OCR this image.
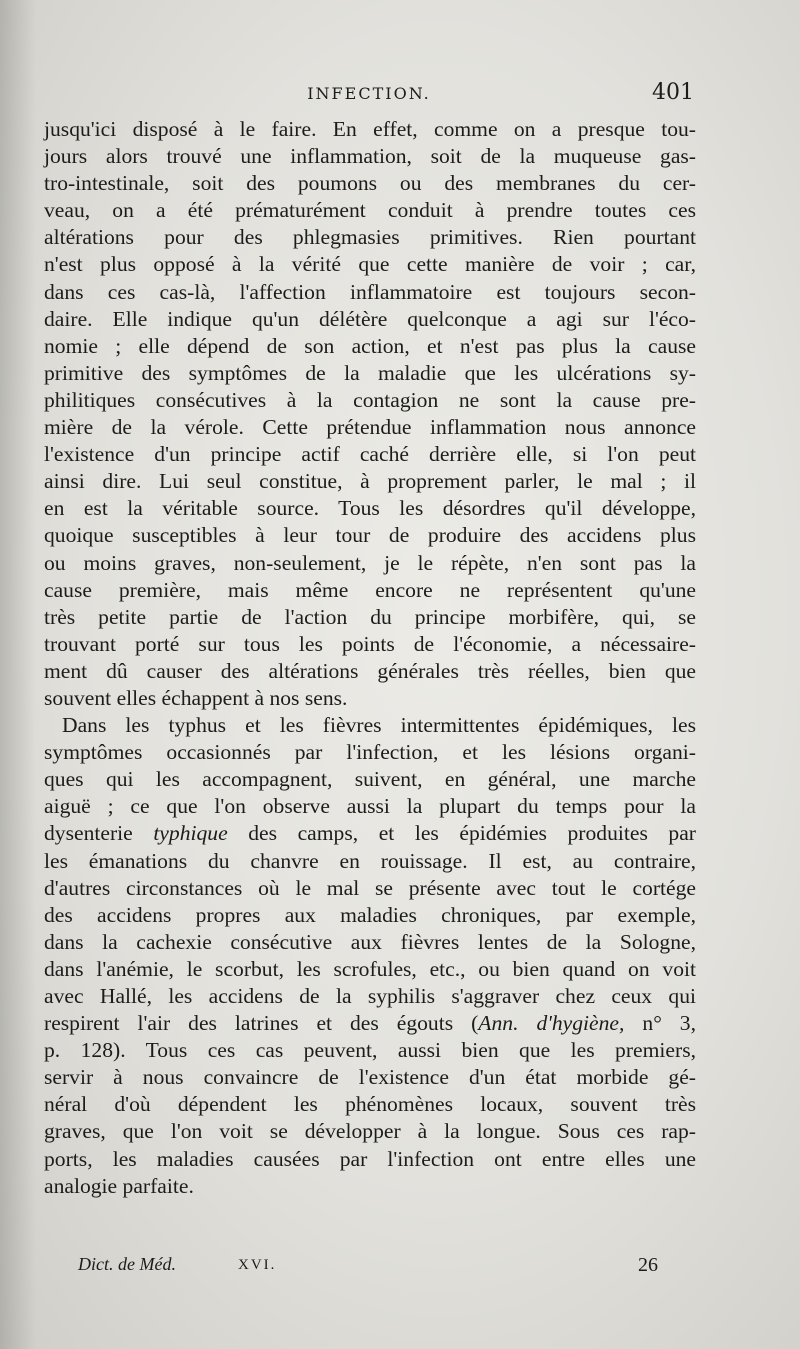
INFECTION.	401
jusqu'ici disposé à le faire. En effet, comme on a presque tou-
jours alors trouvé une inflammation, soit de la muqueuse gas-
tro-intestinale, soit des poumons ou des membranes du cer-
veau, on a été prématurément conduit à prendre toutes ces
altérations pour des phlegmasies primitives. Rien pourtant
n'est plus opposé à la vérité que cette manière de voir ; car,
dans ces cas-là, l'affection inflammatoire est toujours secon-
daire. Elle indique qu'un délétère quelconque a agi sur l'éco-
nomie ; elle dépend de son action, et n'est pas plus la cause
primitive des symptômes de la maladie que les ulcérations sy-
philitiques consécutives à la contagion ne sont la cause pre-
mière de la vérole. Cette prétendue inflammation nous annonce
l'existence d'un principe actif caché derrière elle, si l'on peut
ainsi dire. Lui seul constitue, à proprement parler, le mal ; il
en est la véritable source. Tous les désordres qu'il développe,
quoique susceptibles à leur tour de produire des accidens plus
ou moins graves, non-seulement, je le répète, n'en sont pas la
cause première, mais même encore ne représentent qu'une
très petite partie de l'action du principe morbifère, qui, se
trouvant porté sur tous les points de l'économie, a nécessaire-
ment dû causer des altérations générales très réelles, bien que
souvent elles échappent à nos sens.
Dans les typhus et les fièvres intermittentes épidémiques, les
symptômes occasionnés par l'infection, et les lésions organi-
ques qui les accompagnent, suivent, en général, une marche
aiguë ; ce que l'on observe aussi la plupart du temps pour la
dysenterie typhique des camps, et les épidémies produites par
les émanations du chanvre en rouissage. Il est, au contraire,
d'autres circonstances où le mal se présente avec tout le cortége
des accidens propres aux maladies chroniques, par exemple,
dans la cachexie consécutive aux fièvres lentes de la Sologne,
dans l'anémie, le scorbut, les scrofules, etc., ou bien quand on voit
avec Hallé, les accidens de la syphilis s'aggraver chez ceux qui
respirent l'air des latrines et des égouts (Ann. d'hygiène, n° 3,
p. 128). Tous ces cas peuvent, aussi bien que les premiers,
servir à nous convaincre de l'existence d'un état morbide gé-
néral d'où dépendent les phénomènes locaux, souvent très
graves, que l'on voit se développer à la longue. Sous ces rap-
ports, les maladies causées par l'infection ont entre elles une
analogie parfaite.
Dict. de Méd.	XVI.	26
